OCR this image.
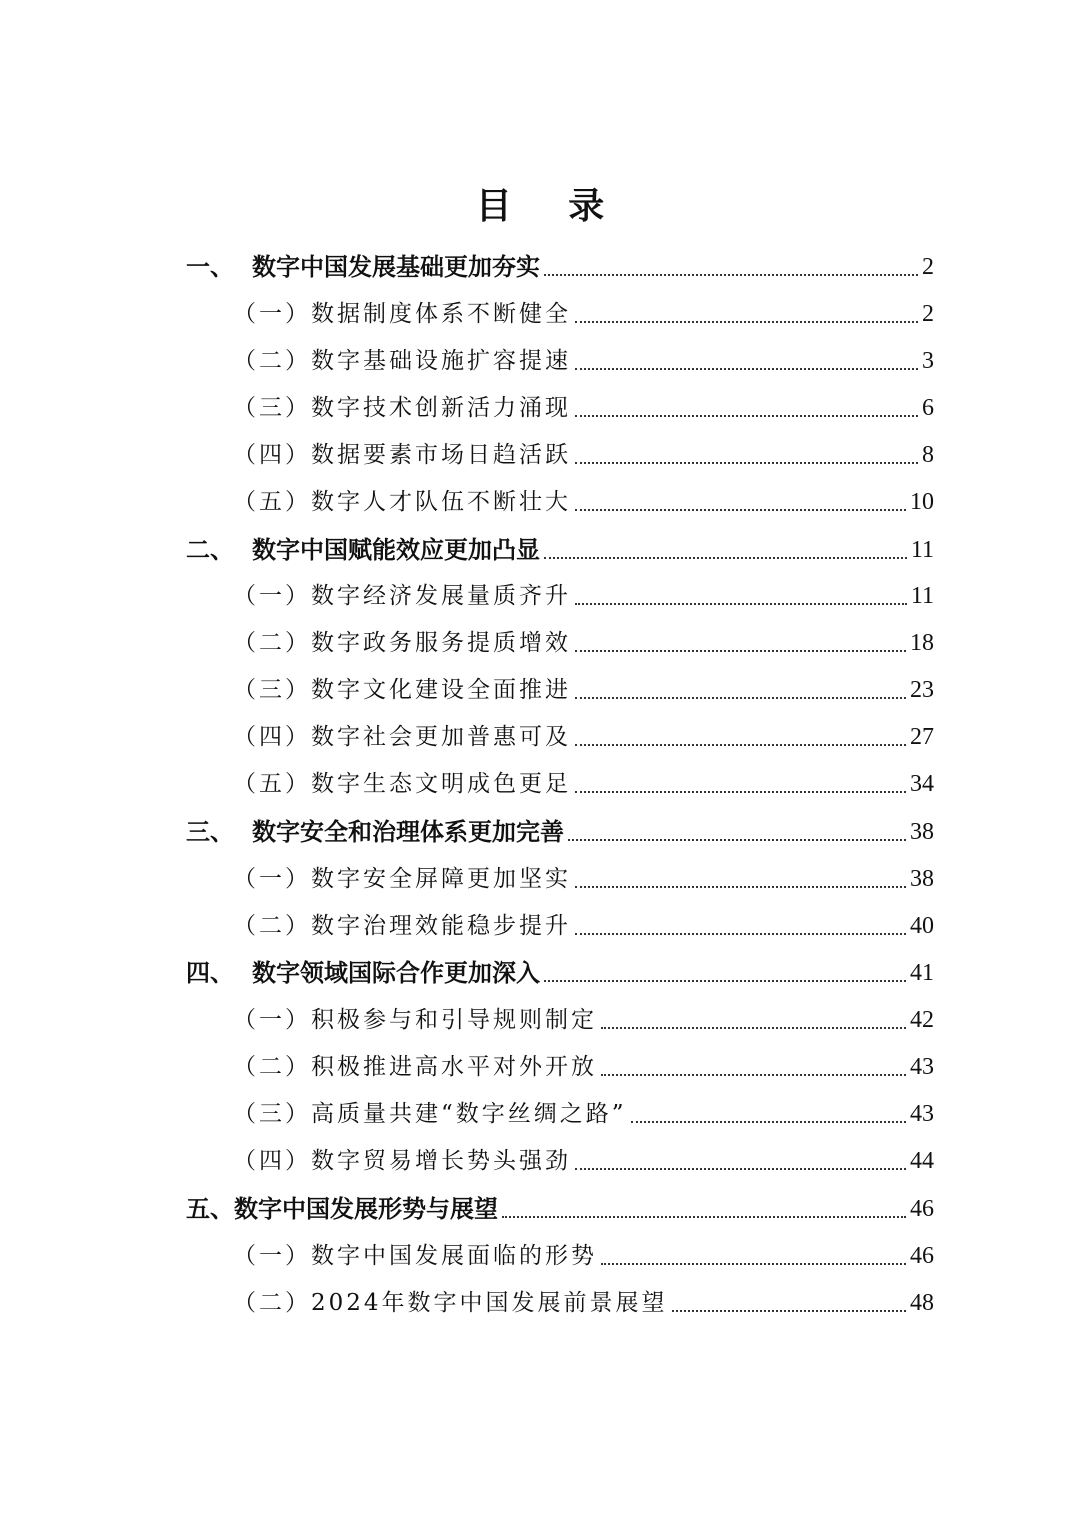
目 录
一、 数字中国发展基础更加夯实	2
（一） 数据制度体系不断健全	2
（二） 数字基础设施扩容提速	3
（三） 数字技术创新活力涌现	6
（四） 数据要素市场日趋活跃	8
（五） 数字人才队伍不断壮大	10
二、 数字中国赋能效应更加凸显	11
（一） 数字经济发展量质齐升	11
（二） 数字政务服务提质增效	18
（三） 数字文化建设全面推进	23
（四） 数字社会更加普惠可及	27
（五） 数字生态文明成色更足	34
三、 数字安全和治理体系更加完善	38
（一） 数字安全屏障更加坚实	38
（二） 数字治理效能稳步提升	40
四、 数字领域国际合作更加深入	41
（一） 积极参与和引导规则制定	42
（二） 积极推进高水平对外开放	43
（三） 高质量共建“数字丝绸之路”	43
（四） 数字贸易增长势头强劲	44
五、 数字中国发展形势与展望	46
（一） 数字中国发展面临的形势	46
（二） 2024年数字中国发展前景展望	48
